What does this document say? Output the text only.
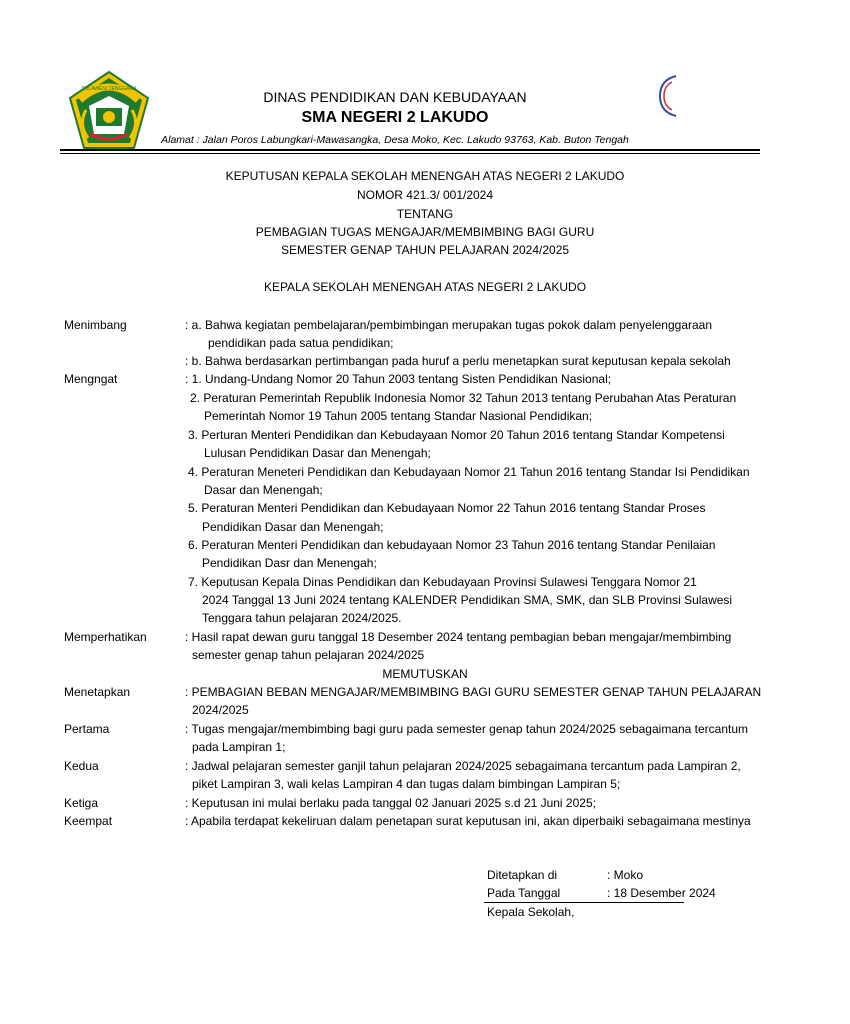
SULAWESI TENGGARA	DINAS PENDIDIKAN DAN KEBUDAYAAN
SMA NEGERI 2 LAKUDO
Alamat : Jalan Poros Labungkari-Mawasangka, Desa Moko, Kec. Lakudo 93763, Kab. Buton Tengah
KEPUTUSAN KEPALA SEKOLAH MENENGAH ATAS NEGERI 2 LAKUDO
NOMOR 421.3/ 001/2024
TENTANG
PEMBAGIAN TUGAS MENGAJAR/MEMBIMBING BAGI GURU
SEMESTER GENAP TAHUN PELAJARAN 2024/2025
KEPALA SEKOLAH MENENGAH ATAS NEGERI 2 LAKUDO
Menimbang	: a. Bahwa kegiatan pembelajaran/pembimbingan merupakan tugas pokok dalam penyelenggaraan
pendidikan pada satua pendidikan;
: b. Bahwa berdasarkan pertimbangan pada huruf a perlu menetapkan surat keputusan kepala sekolah
Mengngat	: 1. Undang-Undang Nomor 20 Tahun 2003 tentang Sisten Pendidikan Nasional;
2. Peraturan Pemerintah Republik Indonesia Nomor 32 Tahun 2013 tentang Perubahan Atas Peraturan
Pemerintah Nomor 19 Tahun 2005 tentang Standar Nasional Pendidikan;
3. Perturan Menteri Pendidikan dan Kebudayaan Nomor 20 Tahun 2016 tentang Standar Kompetensi
Lulusan Pendidikan Dasar dan Menengah;
4. Peraturan Meneteri Pendidikan dan Kebudayaan Nomor 21 Tahun 2016 tentang Standar Isi Pendidikan
Dasar dan Menengah;
5. Peraturan Menteri Pendidikan dan Kebudayaan Nomor 22 Tahun 2016 tentang Standar Proses
Pendidikan Dasar dan Menengah;
6. Peraturan Menteri Pendidikan dan kebudayaan Nomor 23 Tahun 2016 tentang Standar Penilaian
Pendidikan Dasr dan Menengah;
7. Keputusan Kepala Dinas Pendidikan dan Kebudayaan Provinsi Sulawesi Tenggara Nomor 21
2024 Tanggal 13 Juni 2024 tentang KALENDER Pendidikan SMA, SMK, dan SLB Provinsi Sulawesi
Tenggara tahun pelajaran 2024/2025.
Memperhatikan	: Hasil rapat dewan guru tanggal 18 Desember 2024 tentang pembagian beban mengajar/membimbing
semester genap tahun pelajaran 2024/2025
MEMUTUSKAN
Menetapkan	: PEMBAGIAN BEBAN MENGAJAR/MEMBIMBING BAGI GURU SEMESTER GENAP TAHUN PELAJARAN
2024/2025
Pertama	: Tugas mengajar/membimbing bagi guru pada semester genap tahun 2024/2025 sebagaimana tercantum
pada Lampiran 1;
Kedua	: Jadwal pelajaran semester ganjil tahun pelajaran 2024/2025 sebagaimana tercantum pada Lampiran 2,
piket Lampiran 3, wali kelas Lampiran 4 dan tugas dalam bimbingan Lampiran 5;
Ketiga	: Keputusan ini mulai berlaku pada tanggal 02 Januari 2025 s.d 21 Juni 2025;
Keempat	: Apabila terdapat kekeliruan dalam penetapan surat keputusan ini, akan diperbaiki sebagaimana mestinya
Ditetapkan di	: Moko
Pada Tanggal	: 18 Desember 2024
Kepala Sekolah,
